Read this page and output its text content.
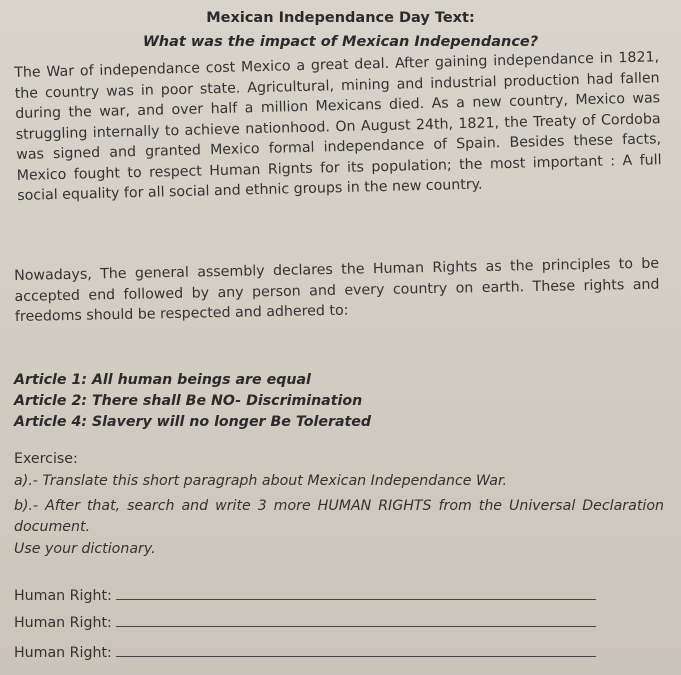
Mexican Independance Day Text:
What was the impact of Mexican Independance?
The War of independance cost Mexico a great deal. After gaining independance in 1821, the country was in poor state. Agricultural, mining and industrial production had fallen during the war, and over half a million Mexicans died. As a new country, Mexico was struggling internally to achieve nationhood. On August 24th, 1821, the Treaty of Cordoba was signed and granted Mexico formal independance of Spain. Besides these facts, Mexico fought to respect Human Rignts for its population; the most important : A full social equality for all social and ethnic groups in the new country.
Nowadays, The general assembly declares the Human Rights as the principles to be accepted end followed by any person and every country on earth. These rights and freedoms should be respected and adhered to:
Article 1: All human beings are equal
Article 2: There shall Be NO- Discrimination
Article 4: Slavery will no longer Be Tolerated
Exercise:
a).- Translate this short paragraph about Mexican Independance War.
b).- After that, search and write 3 more HUMAN RIGHTS from the Universal Declaration document.
Use your dictionary.
Human Right:
Human Right:
Human Right:
